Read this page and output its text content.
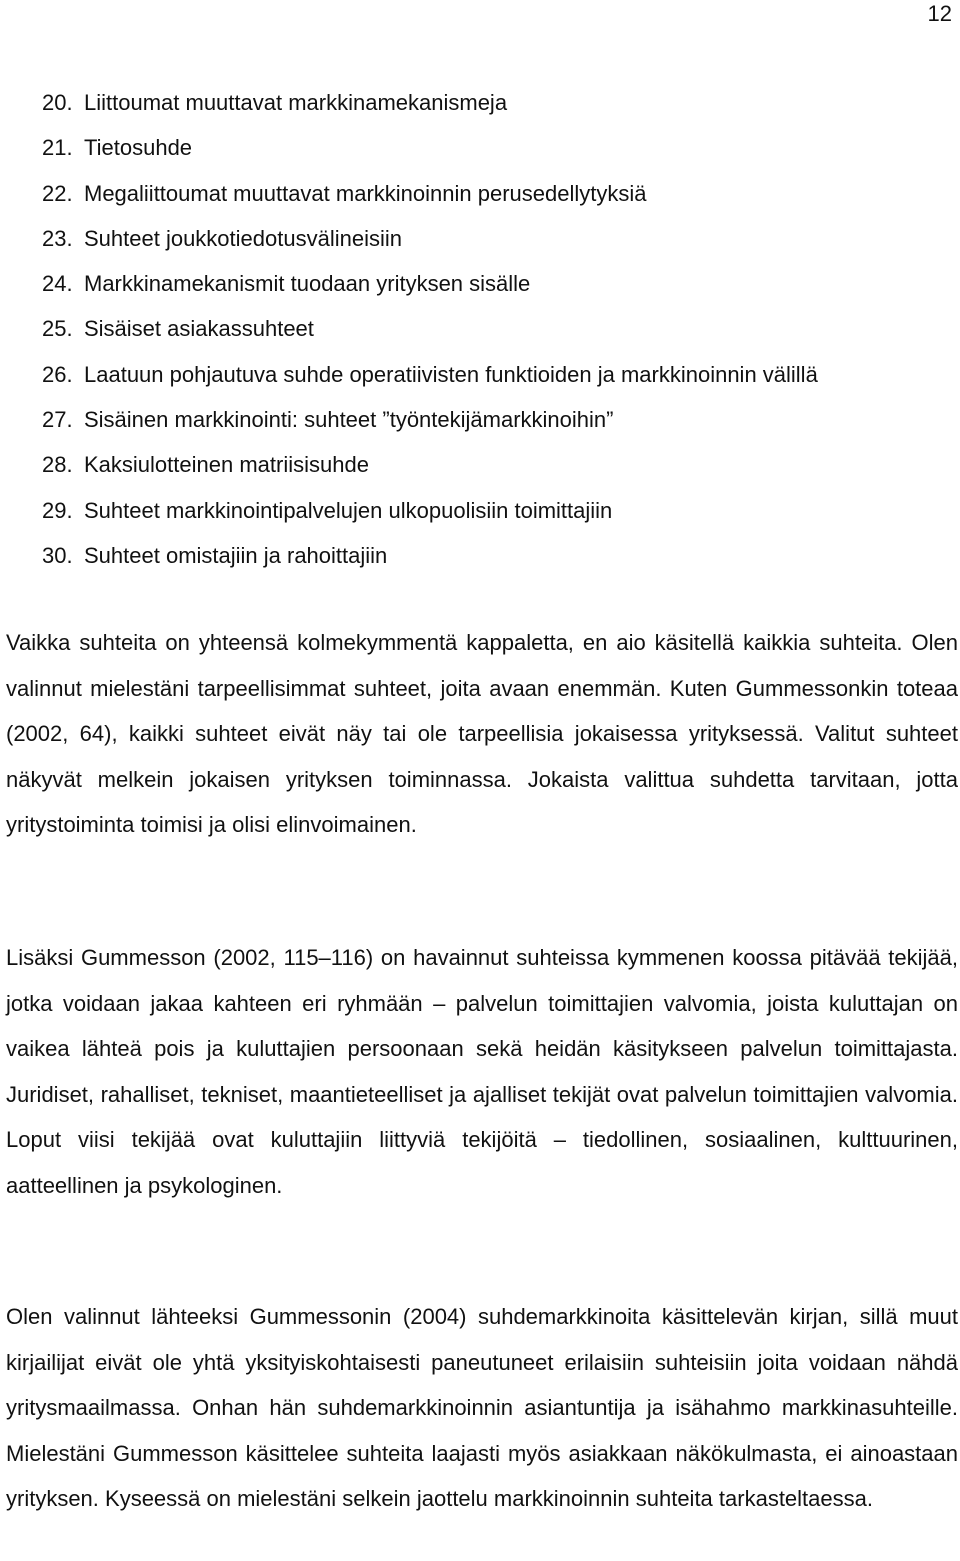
12
20. Liittoumat muuttavat markkinamekanismeja
21. Tietosuhde
22. Megaliittoumat muuttavat markkinoinnin perusedellytyksiä
23. Suhteet joukkotiedotusvälineisiin
24. Markkinamekanismit tuodaan yrityksen sisälle
25. Sisäiset asiakassuhteet
26. Laatuun pohjautuva suhde operatiivisten funktioiden ja markkinoinnin välillä
27. Sisäinen markkinointi: suhteet ”työntekijämarkkinoihin”
28. Kaksiulotteinen matriisisuhde
29. Suhteet markkinointipalvelujen ulkopuolisiin toimittajiin
30. Suhteet omistajiin ja rahoittajiin

Vaikka suhteita on yhteensä kolmekymmentä kappaletta, en aio käsitellä kaikkia suhteita. Olen valinnut mielestäni tarpeellisimmat suhteet, joita avaan enemmän. Kuten Gummessonkin toteaa (2002, 64), kaikki suhteet eivät näy tai ole tarpeellisia jokaisessa yrityksessä. Valitut suhteet näkyvät melkein jokaisen yrityksen toiminnassa. Jokaista valittua suhdetta tarvitaan, jotta yritystoiminta toimisi ja olisi elinvoimainen.

Lisäksi Gummesson (2002, 115–116) on havainnut suhteissa kymmenen koossa pitävää tekijää, jotka voidaan jakaa kahteen eri ryhmään – palvelun toimittajien valvomia, joista kuluttajan on vaikea lähteä pois ja kuluttajien persoonaan sekä heidän käsitykseen palvelun toimittajasta. Juridiset, rahalliset, tekniset, maantieteelliset ja ajalliset tekijät ovat palvelun toimittajien valvomia. Loput viisi tekijää ovat kuluttajiin liittyviä tekijöitä – tiedollinen, sosiaalinen, kulttuurinen, aatteellinen ja psykologinen.

Olen valinnut lähteeksi Gummessonin (2004) suhdemarkkinoita käsittelevän kirjan, sillä muut kirjailijat eivät ole yhtä yksityiskohtaisesti paneutuneet erilaisiin suhteisiin joita voidaan nähdä yritysmaailmassa. Onhan hän suhdemarkkinoinnin asiantuntija ja isähahmo markkinasuhteille. Mielestäni Gummesson käsittelee suhteita laajasti myös asiakkaan näkökulmasta, ei ainoastaan yrityksen. Kyseessä on mielestäni selkein jaottelu markkinoinnin suhteita tarkasteltaessa.
